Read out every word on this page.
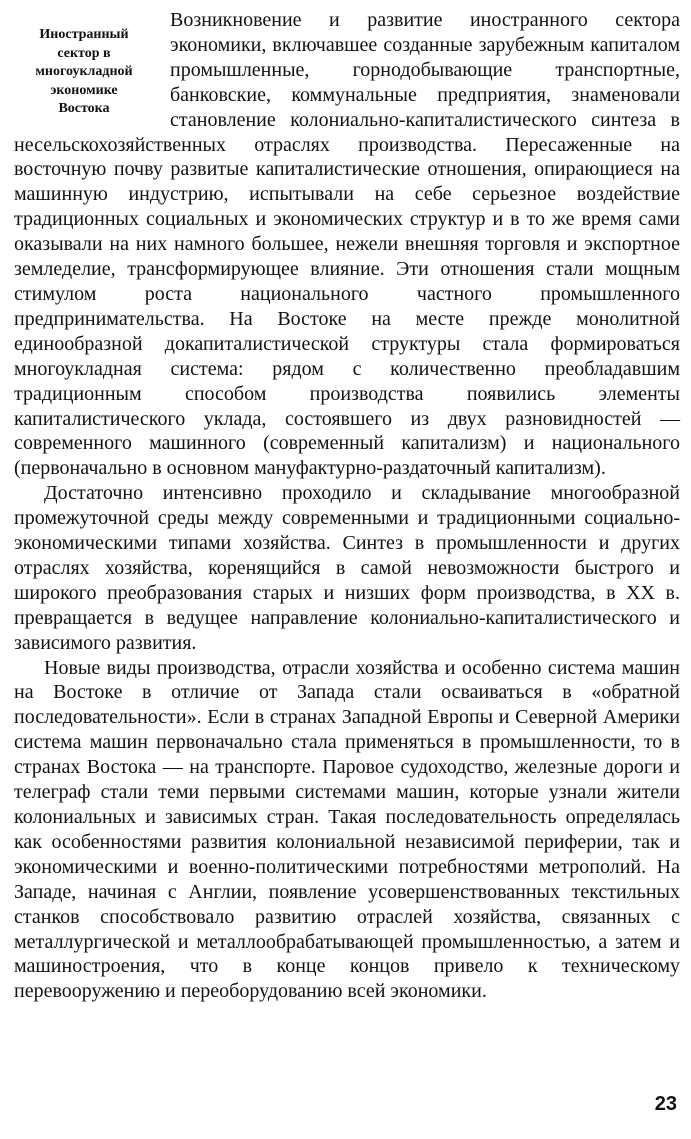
Иностранный
сектор в
многоукладной
экономике
Востока

Возникновение и развитие иностранного сектора экономики, включавшее созданные зарубежным капиталом промышленные, горнодобывающие транспортные, банковские, коммунальные предприятия, знаменовали становление колониально-капиталистического синтеза в несельскохозяйственных отраслях производства. Пересаженные на восточную почву развитые капиталистические отношения, опирающиеся на машинную индустрию, испытывали на себе серьезное воздействие традиционных социальных и экономических структур и в то же время сами оказывали на них намного большее, нежели внешняя торговля и экспортное земледелие, трансформирующее влияние. Эти отношения стали мощным стимулом роста национального частного промышленного предпринимательства. На Востоке на месте прежде монолитной единообразной докапиталистической структуры стала формироваться многоукладная система: рядом с количественно преобладавшим традиционным способом производства появились элементы капиталистического уклада, состоявшего из двух разновидностей — современного машинного (современный капитализм) и национального (первоначально в основном мануфактурно-раздаточный капитализм).

Достаточно интенсивно проходило и складывание многообразной промежуточной среды между современными и традиционными социально-экономическими типами хозяйства. Синтез в промышленности и других отраслях хозяйства, коренящийся в самой невозможности быстрого и широкого преобразования старых и низших форм производства, в XX в. превращается в ведущее направление колониально-капиталистического и зависимого развития.

Новые виды производства, отрасли хозяйства и особенно система машин на Востоке в отличие от Запада стали осваиваться в «обратной последовательности». Если в странах Западной Европы и Северной Америки система машин первоначально стала применяться в промышленности, то в странах Востока — на транспорте. Паровое судоходство, железные дороги и телеграф стали теми первыми системами машин, которые узнали жители колониальных и зависимых стран. Такая последовательность определялась как особенностями развития колониальной независимой периферии, так и экономическими и военно-политическими потребностями метрополий. На Западе, начиная с Англии, появление усовершенствованных текстильных станков способствовало развитию отраслей хозяйства, связанных с металлургической и металлообрабатывающей промышленностью, а затем и машиностроения, что в конце концов привело к техническому перевооружению и переоборудованию всей экономики.

23
